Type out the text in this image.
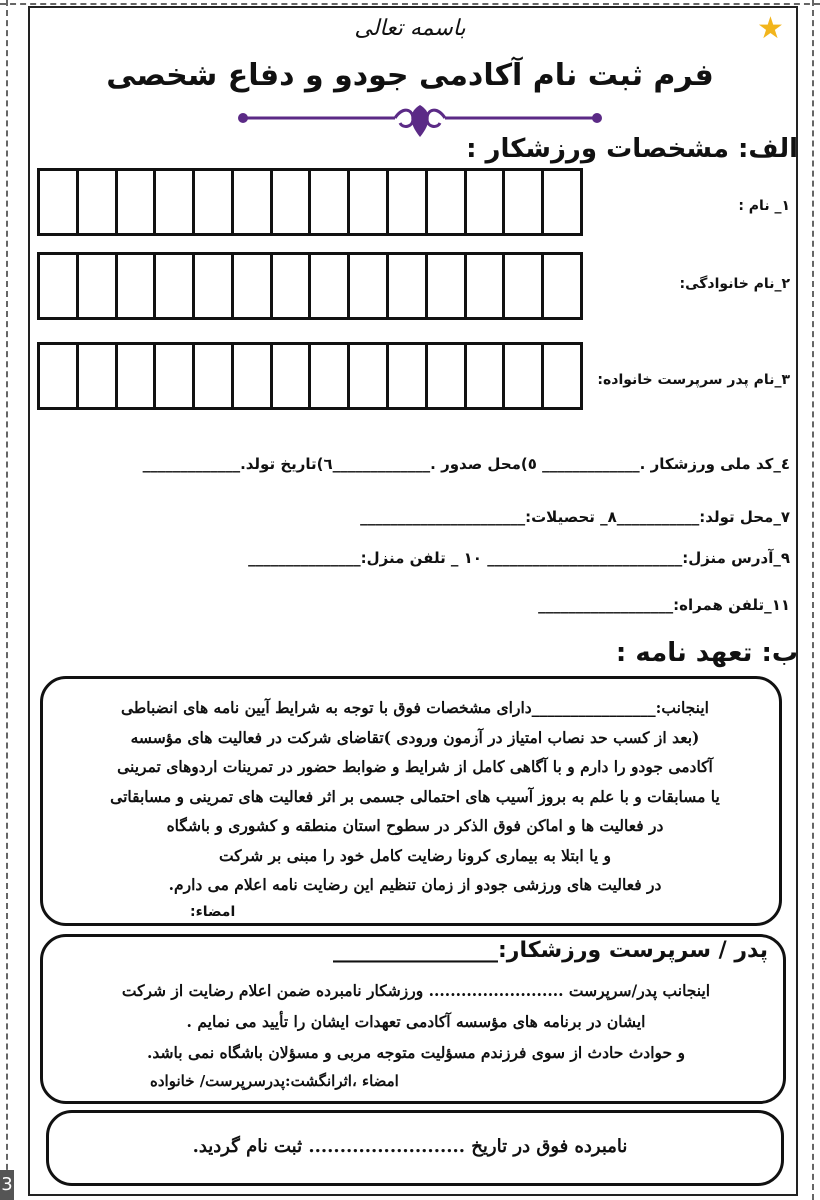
★
3
باسمه تعالی
فرم ثبت نام آکادمی جودو و دفاع شخصی
الف: مشخصات ورزشکار :
۱_ نام :
۲_نام خانوادگی:
۳_نام پدر سرپرست خانواده:
٤_کد ملی ورزشکار ._____________ ٥)محل صدور ._____________٦)تاریخ تولد._____________
۷_محل تولد:___________٨_ تحصیلات:______________________
۹_آدرس منزل:__________________________ ۱۰ _ تلفن منزل:_______________
۱۱_تلفن همراه:__________________
ب: تعهد نامه :
اینجانب:________________دارای مشخصات فوق با توجه به شرایط آیین نامه های انضباطی
(بعد از کسب حد نصاب امتیاز در آزمون ورودی )تقاضای شرکت در فعالیت های مؤسسه
آکادمی جودو را دارم و با آگاهی کامل از شرایط و ضوابط حضور در تمرینات اردوهای تمرینی
یا مسابقات و با علم به بروز آسیب های احتمالی جسمی بر اثر فعالیت های تمرینی و مسابقاتی
در فعالیت ها و اماکن فوق الذکر در سطوح استان منطقه و کشوری و باشگاه
و یا ابتلا به بیماری کرونا رضایت کامل خود را مبنی بر شرکت
در فعالیت های ورزشی جودو از زمان تنظیم این رضایت نامه اعلام می دارم.
امضاء:
پدر / سرپرست ورزشکار:_______________
اینجانب پدر/سرپرست ......................... ورزشکار نامبرده ضمن اعلام رضایت از شرکت
ایشان در برنامه های مؤسسه آکادمی تعهدات ایشان را تأیید می نمایم .
و حوادث حادث از سوی فرزندم مسؤلیت متوجه مربی و مسؤلان باشگاه نمی باشد.
امضاء ،اثرانگشت:پدرسرپرست/ خانواده
نامبرده فوق در تاریخ ......................... ثبت نام گردید.
